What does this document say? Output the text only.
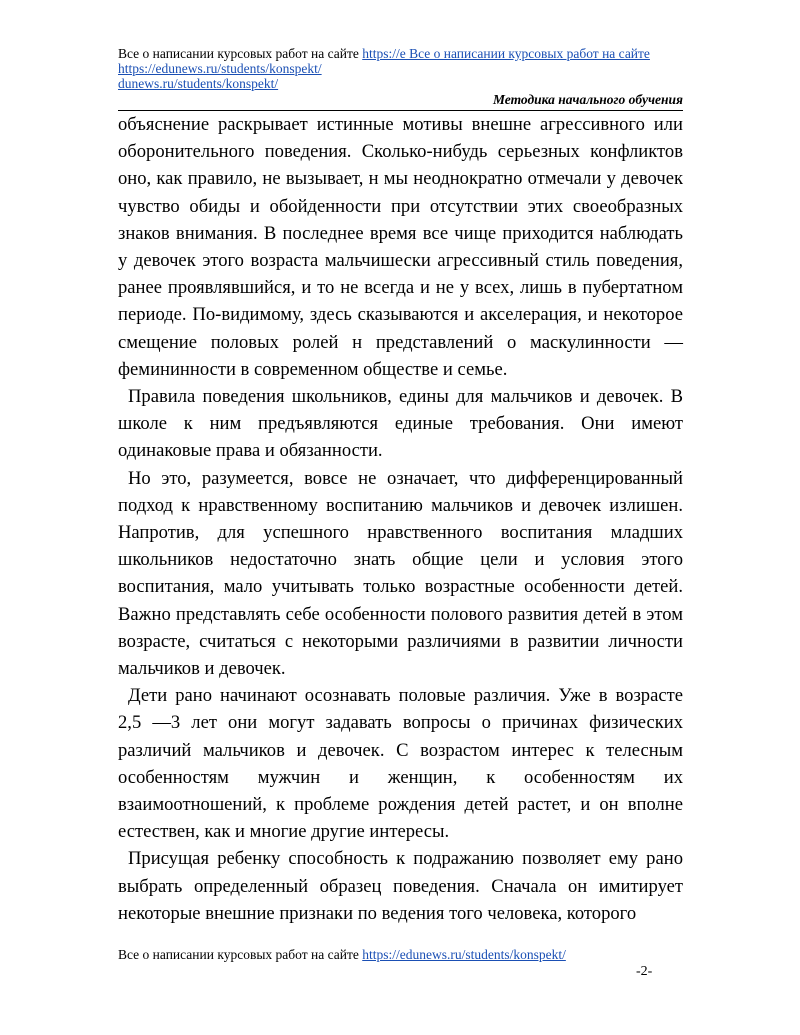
Все о написании курсовых работ на сайте https://e Все о написании курсовых работ на сайте
https://edunews.ru/students/konspekt/
dunews.ru/students/konspekt/
Методика начального обучения

объяснение раскрывает истинные мотивы внешне агрессивного или оборонительного поведения. Сколько-нибудь серьезных конфликтов оно, как правило, не вызывает, н мы неоднократно отмечали у девочек чувство обиды и обойденности при отсутствии этих своеобразных знаков внимания. В последнее время все чище приходится наблюдать у девочек этого возраста мальчишески агрессивный стиль поведения, ранее проявлявшийся, и то не всегда и не у всех, лишь в пубертатном периоде. По-видимому, здесь сказываются и акселерация, и некоторое смещение половых ролей н представлений о маскулинности — фемининности в современном обществе и семье.

Правила поведения школьников, едины для мальчиков и девочек. В школе к ним предъявляются единые требования. Они имеют одинаковые права и обязанности.

Но это, разумеется, вовсе не означает, что дифференцированный подход к нравственному воспитанию мальчиков и девочек излишен. Напротив, для успешного нравственного воспитания младших школьников недостаточно знать общие цели и условия этого воспитания, мало учитывать только возрастные особенности детей. Важно представлять себе особенности полового развития детей в этом возрасте, считаться с некоторыми различиями в развитии личности мальчиков и девочек.

Дети рано начинают осознавать половые различия. Уже в возрасте 2,5 —3 лет они могут задавать вопросы о причинах физических различий мальчиков и девочек. С возрастом интерес к телесным особенностям мужчин и женщин, к особенностям их взаимоотношений, к проблеме рождения детей растет, и он вполне естествен, как и многие другие интересы.

Присущая ребенку способность к подражанию позволяет ему рано выбрать определенный образец поведения. Сначала он имитирует некоторые внешние признаки по ведения того человека, которого

Все о написании курсовых работ на сайте https://edunews.ru/students/konspekt/
-2-
